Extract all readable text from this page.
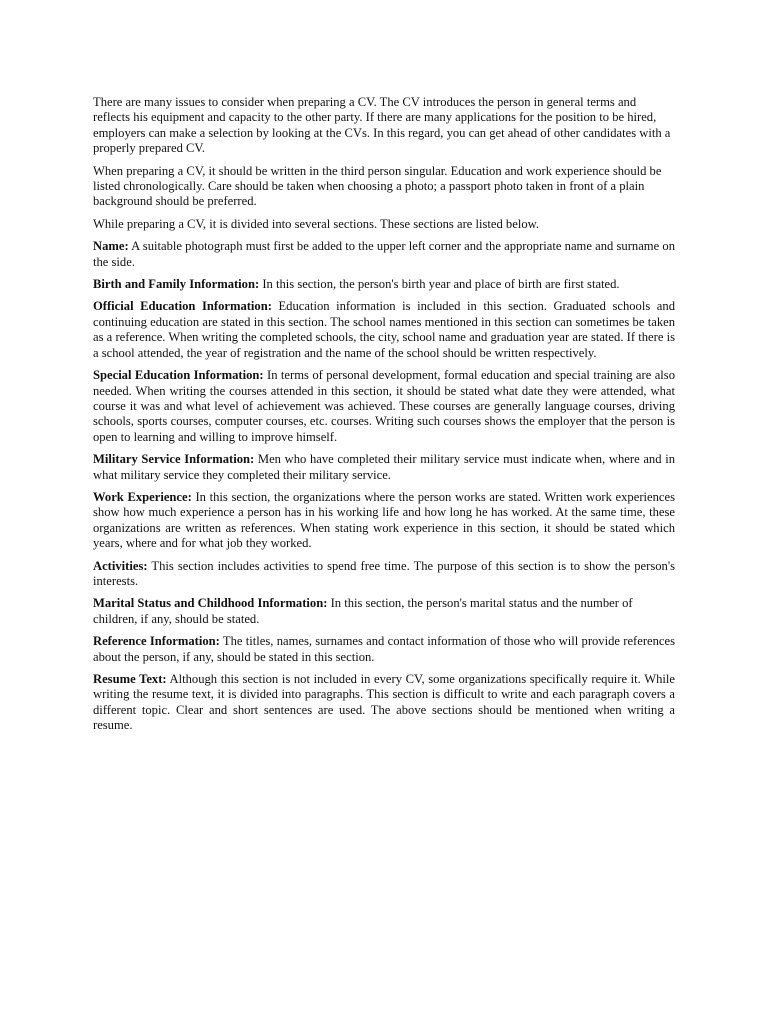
There are many issues to consider when preparing a CV. The CV introduces the person in general terms and reflects his equipment and capacity to the other party. If there are many applications for the position to be hired, employers can make a selection by looking at the CVs. In this regard, you can get ahead of other candidates with a properly prepared CV.

When preparing a CV, it should be written in the third person singular. Education and work experience should be listed chronologically. Care should be taken when choosing a photo; a passport photo taken in front of a plain background should be preferred.

While preparing a CV, it is divided into several sections. These sections are listed below.

Name: A suitable photograph must first be added to the upper left corner and the appropriate name and surname on the side.

Birth and Family Information: In this section, the person's birth year and place of birth are first stated.

Official Education Information: Education information is included in this section. Graduated schools and continuing education are stated in this section. The school names mentioned in this section can sometimes be taken as a reference. When writing the completed schools, the city, school name and graduation year are stated. If there is a school attended, the year of registration and the name of the school should be written respectively.

Special Education Information: In terms of personal development, formal education and special training are also needed. When writing the courses attended in this section, it should be stated what date they were attended, what course it was and what level of achievement was achieved. These courses are generally language courses, driving schools, sports courses, computer courses, etc. courses. Writing such courses shows the employer that the person is open to learning and willing to improve himself.

Military Service Information: Men who have completed their military service must indicate when, where and in what military service they completed their military service.

Work Experience: In this section, the organizations where the person works are stated. Written work experiences show how much experience a person has in his working life and how long he has worked. At the same time, these organizations are written as references. When stating work experience in this section, it should be stated which years, where and for what job they worked.

Activities: This section includes activities to spend free time. The purpose of this section is to show the person's interests.

Marital Status and Childhood Information: In this section, the person's marital status and the number of children, if any, should be stated.

Reference Information: The titles, names, surnames and contact information of those who will provide references about the person, if any, should be stated in this section.

Resume Text: Although this section is not included in every CV, some organizations specifically require it. While writing the resume text, it is divided into paragraphs. This section is difficult to write and each paragraph covers a different topic. Clear and short sentences are used. The above sections should be mentioned when writing a resume.
